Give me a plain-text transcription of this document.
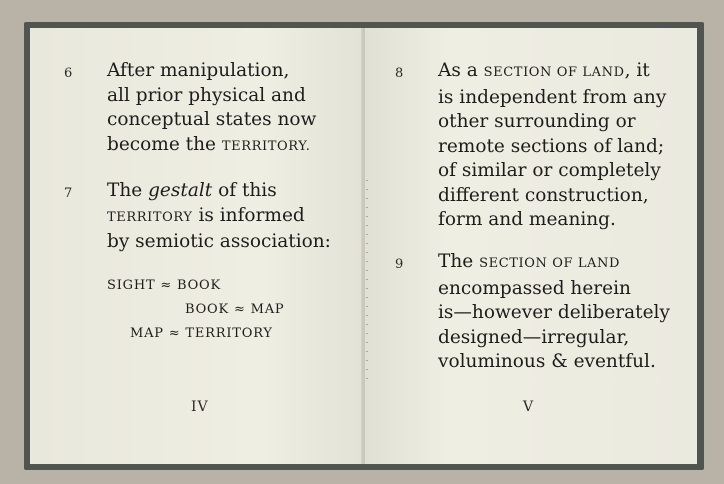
6 After manipulation,
all prior physical and
conceptual states now
become the TERRITORY.
7 The gestalt of this
TERRITORY is informed
by semiotic association:
SIGHT ≈ BOOK
BOOK ≈ MAP
MAP ≈ TERRITORY
IV
8 As a SECTION OF LAND, it
is independent from any
other surrounding or
remote sections of land;
of similar or completely
different construction,
form and meaning.
9 The SECTION OF LAND
encompassed herein
is—however deliberately
designed—irregular,
voluminous & eventful.
V
